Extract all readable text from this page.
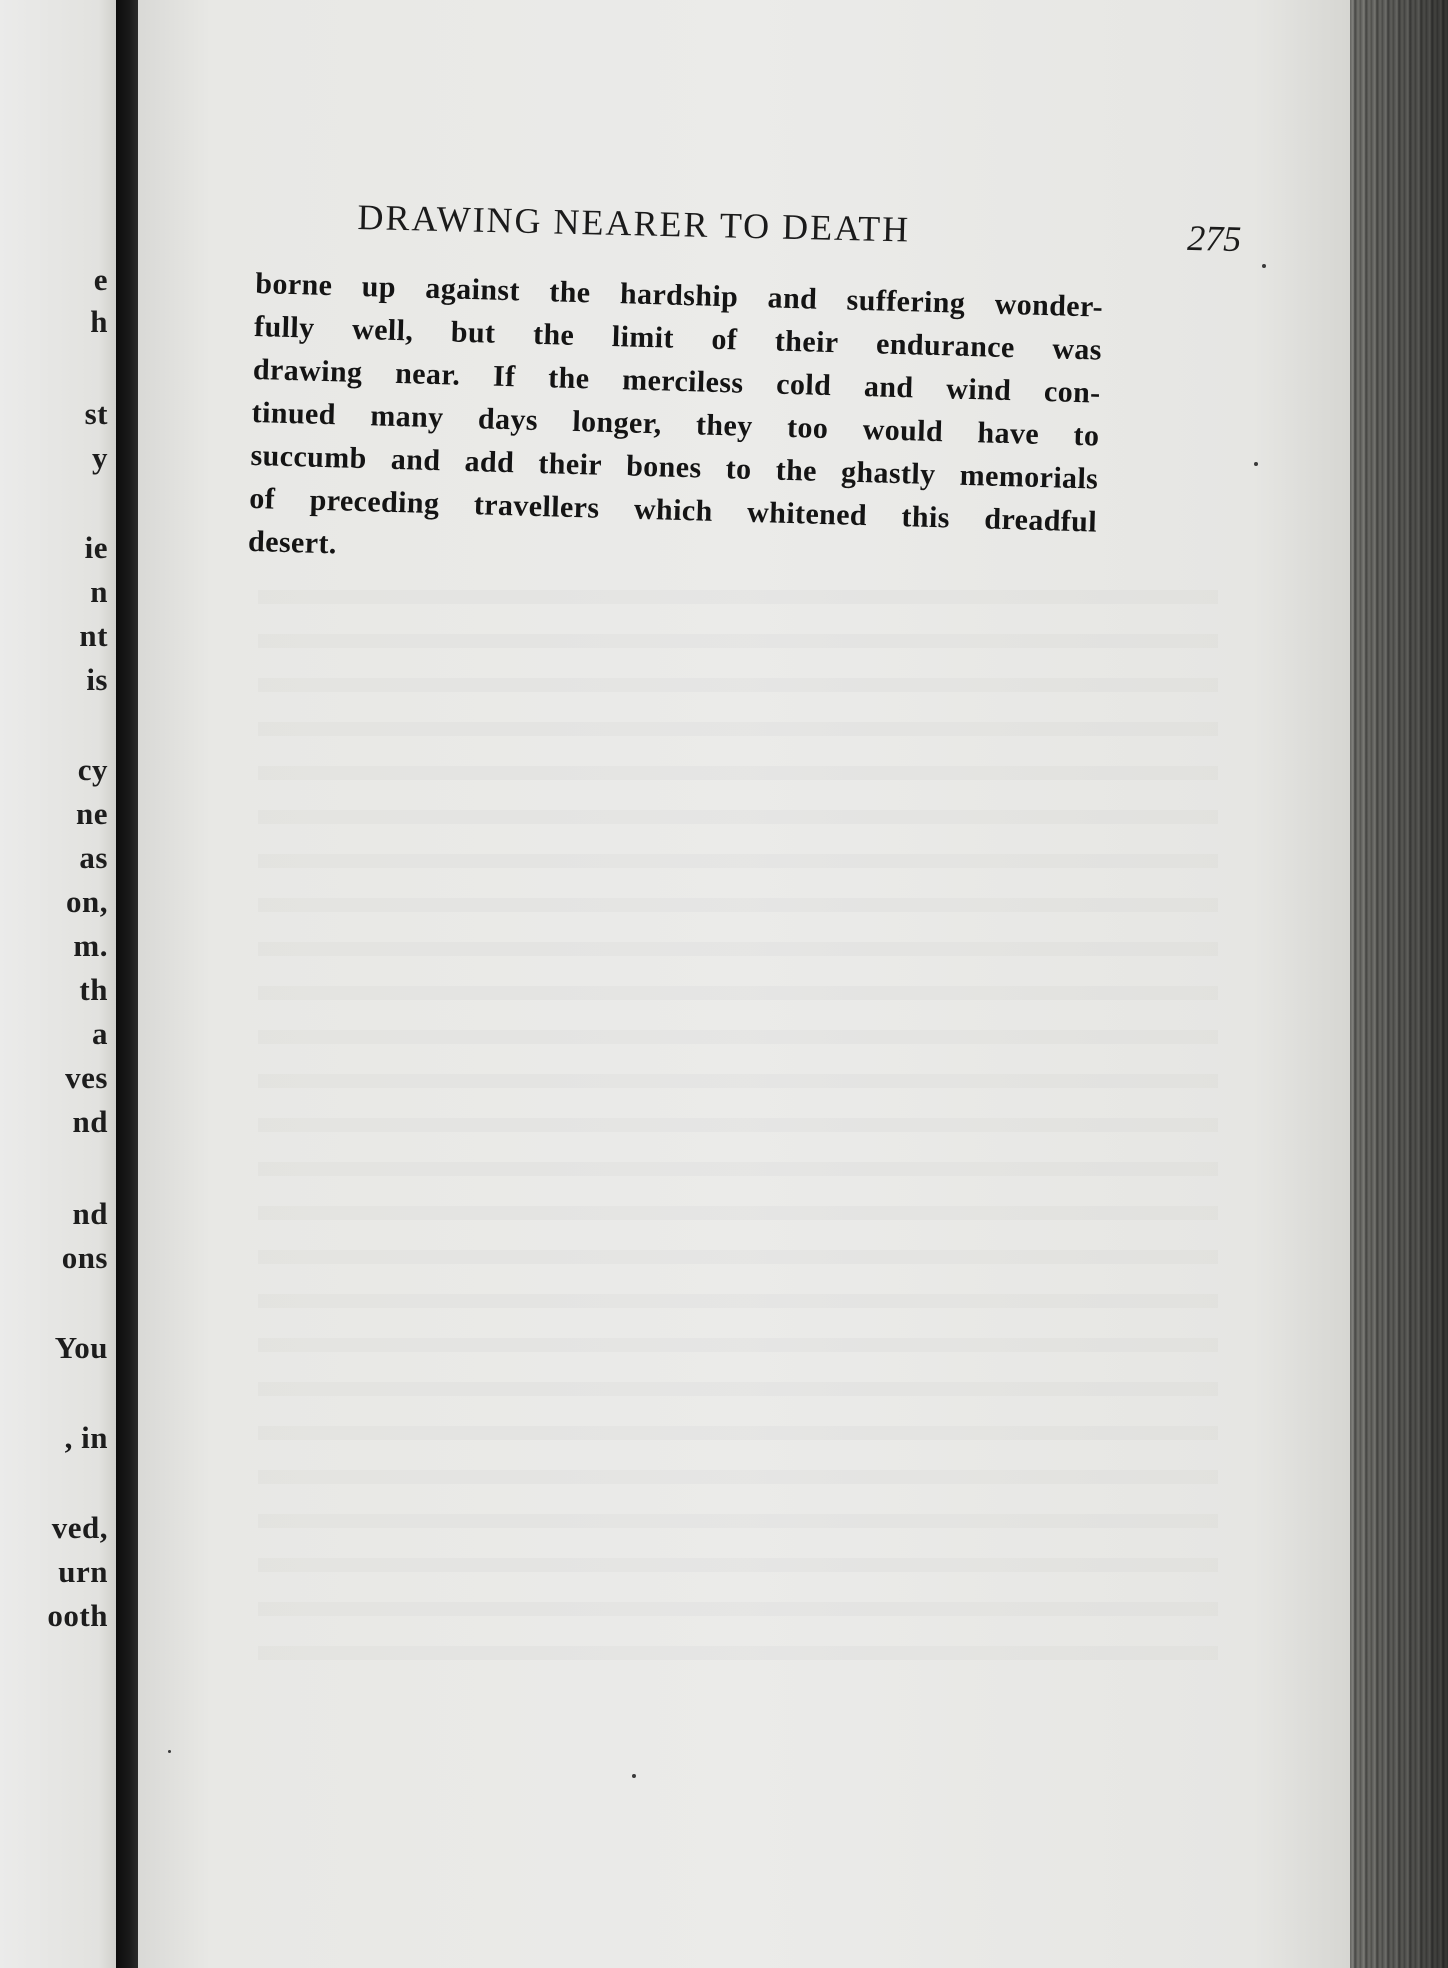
e
h
st
y
ie
n
nt
is
cy
ne
as
on,
m.
th
a
ves
nd
nd
ons
You
, in
ved,
urn
ooth
DRAWING NEARER TO DEATH	275
borne up against the hardship and suffering wonder-
fully well, but the limit of their endurance was
drawing near. If the merciless cold and wind con-
tinued many days longer, they too would have to
succumb and add their bones to the ghastly memorials
of preceding travellers which whitened this dreadful
desert.
